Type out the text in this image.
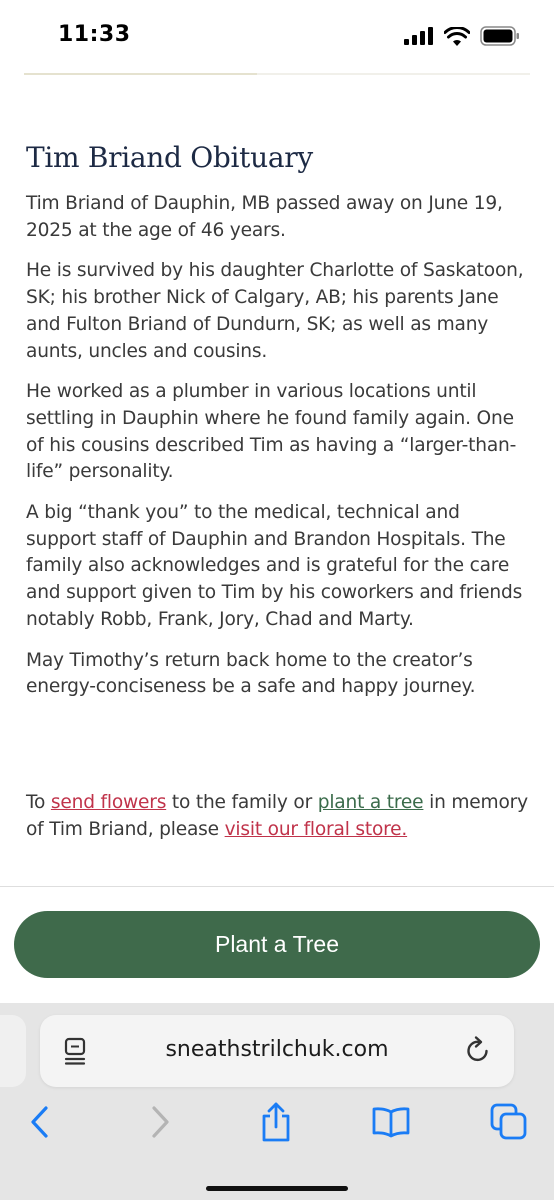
11:33
Tim Briand Obituary

Tim Briand of Dauphin, MB passed away on June 19, 2025 at the age of 46 years.

He is survived by his daughter Charlotte of Saskatoon, SK; his brother Nick of Calgary, AB; his parents Jane and Fulton Briand of Dundurn, SK; as well as many aunts, uncles and cousins.

He worked as a plumber in various locations until settling in Dauphin where he found family again. One of his cousins described Tim as having a “larger-than-life” personality.

A big “thank you” to the medical, technical and support staff of Dauphin and Brandon Hospitals. The family also acknowledges and is grateful for the care and support given to Tim by his coworkers and friends notably Robb, Frank, Jory, Chad and Marty.

May Timothy’s return back home to the creator’s energy-conciseness be a safe and happy journey.

To send flowers to the family or plant a tree in memory of Tim Briand, please visit our floral store.

Plant a Tree
sneathstrilchuk.com
